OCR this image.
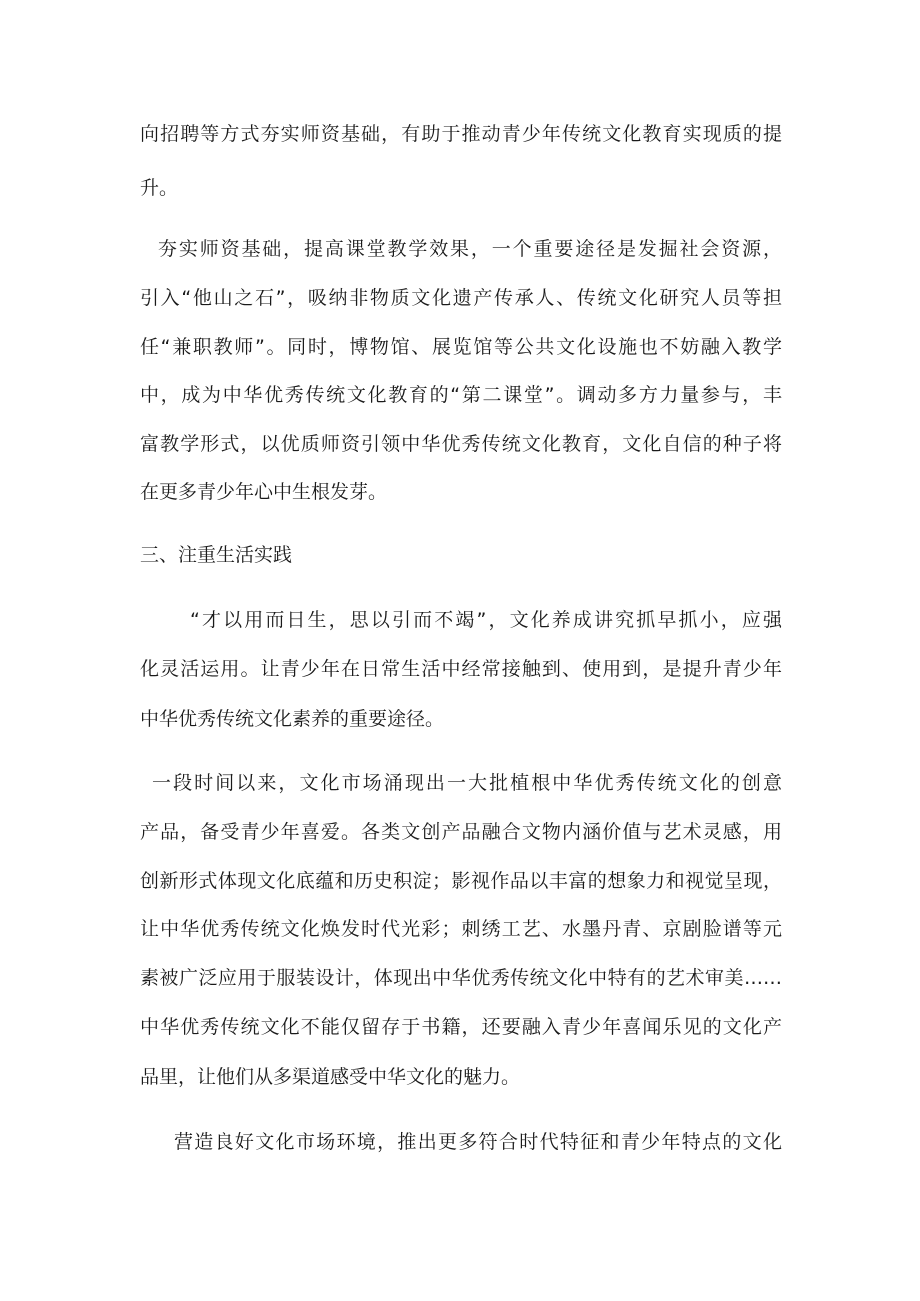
向招聘等方式夯实师资基础，有助于推动青少年传统文化教育实现质的提
升。
夯实师资基础，提高课堂教学效果，一个重要途径是发掘社会资源，
引入“他山之石”，吸纳非物质文化遗产传承人、传统文化研究人员等担
任“兼职教师”。同时，博物馆、展览馆等公共文化设施也不妨融入教学
中，成为中华优秀传统文化教育的“第二课堂”。调动多方力量参与，丰
富教学形式，以优质师资引领中华优秀传统文化教育，文化自信的种子将
在更多青少年心中生根发芽。
三、注重生活实践
“才以用而日生，思以引而不竭”，文化养成讲究抓早抓小，应强
化灵活运用。让青少年在日常生活中经常接触到、使用到，是提升青少年
中华优秀传统文化素养的重要途径。
一段时间以来，文化市场涌现出一大批植根中华优秀传统文化的创意
产品，备受青少年喜爱。各类文创产品融合文物内涵价值与艺术灵感，用
创新形式体现文化底蕴和历史积淀；影视作品以丰富的想象力和视觉呈现，
让中华优秀传统文化焕发时代光彩；刺绣工艺、水墨丹青、京剧脸谱等元
素被广泛应用于服装设计，体现出中华优秀传统文化中特有的艺术审美……
中华优秀传统文化不能仅留存于书籍，还要融入青少年喜闻乐见的文化产
品里，让他们从多渠道感受中华文化的魅力。
营造良好文化市场环境，推出更多符合时代特征和青少年特点的文化
